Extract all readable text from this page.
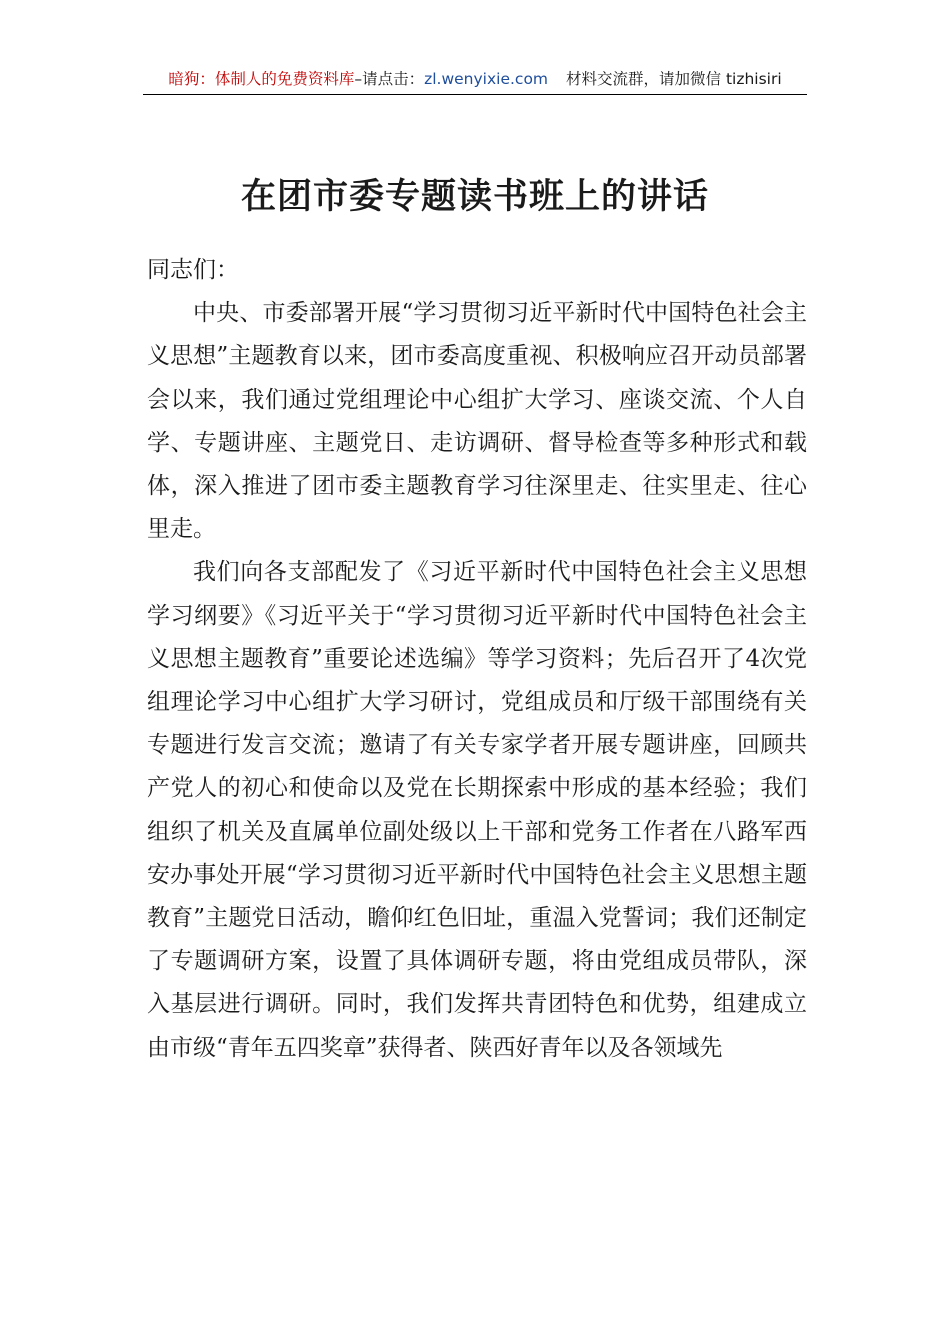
暗狗：体制人的免费资料库–请点击：zl.wenyixie.com 材料交流群，请加微信 tizhisiri
在团市委专题读书班上的讲话

同志们：

中央、市委部署开展“学习贯彻习近平新时代中国特色社会主义思想”主题教育以来，团市委高度重视、积极响应召开动员部署会以来，我们通过党组理论中心组扩大学习、座谈交流、个人自学、专题讲座、主题党日、走访调研、督导检查等多种形式和载体，深入推进了团市委主题教育学习往深里走、往实里走、往心里走。

我们向各支部配发了《习近平新时代中国特色社会主义思想学习纲要》《习近平关于“学习贯彻习近平新时代中国特色社会主义思想主题教育”重要论述选编》等学习资料；先后召开了4次党组理论学习中心组扩大学习研讨，党组成员和厅级干部围绕有关专题进行发言交流；邀请了有关专家学者开展专题讲座，回顾共产党人的初心和使命以及党在长期探索中形成的基本经验；我们组织了机关及直属单位副处级以上干部和党务工作者在八路军西安办事处开展“学习贯彻习近平新时代中国特色社会主义思想主题教育”主题党日活动，瞻仰红色旧址，重温入党誓词；我们还制定了专题调研方案，设置了具体调研专题，将由党组成员带队，深入基层进行调研。同时，我们发挥共青团特色和优势，组建成立由市级“青年五四奖章”获得者、陕西好青年以及各领域先
